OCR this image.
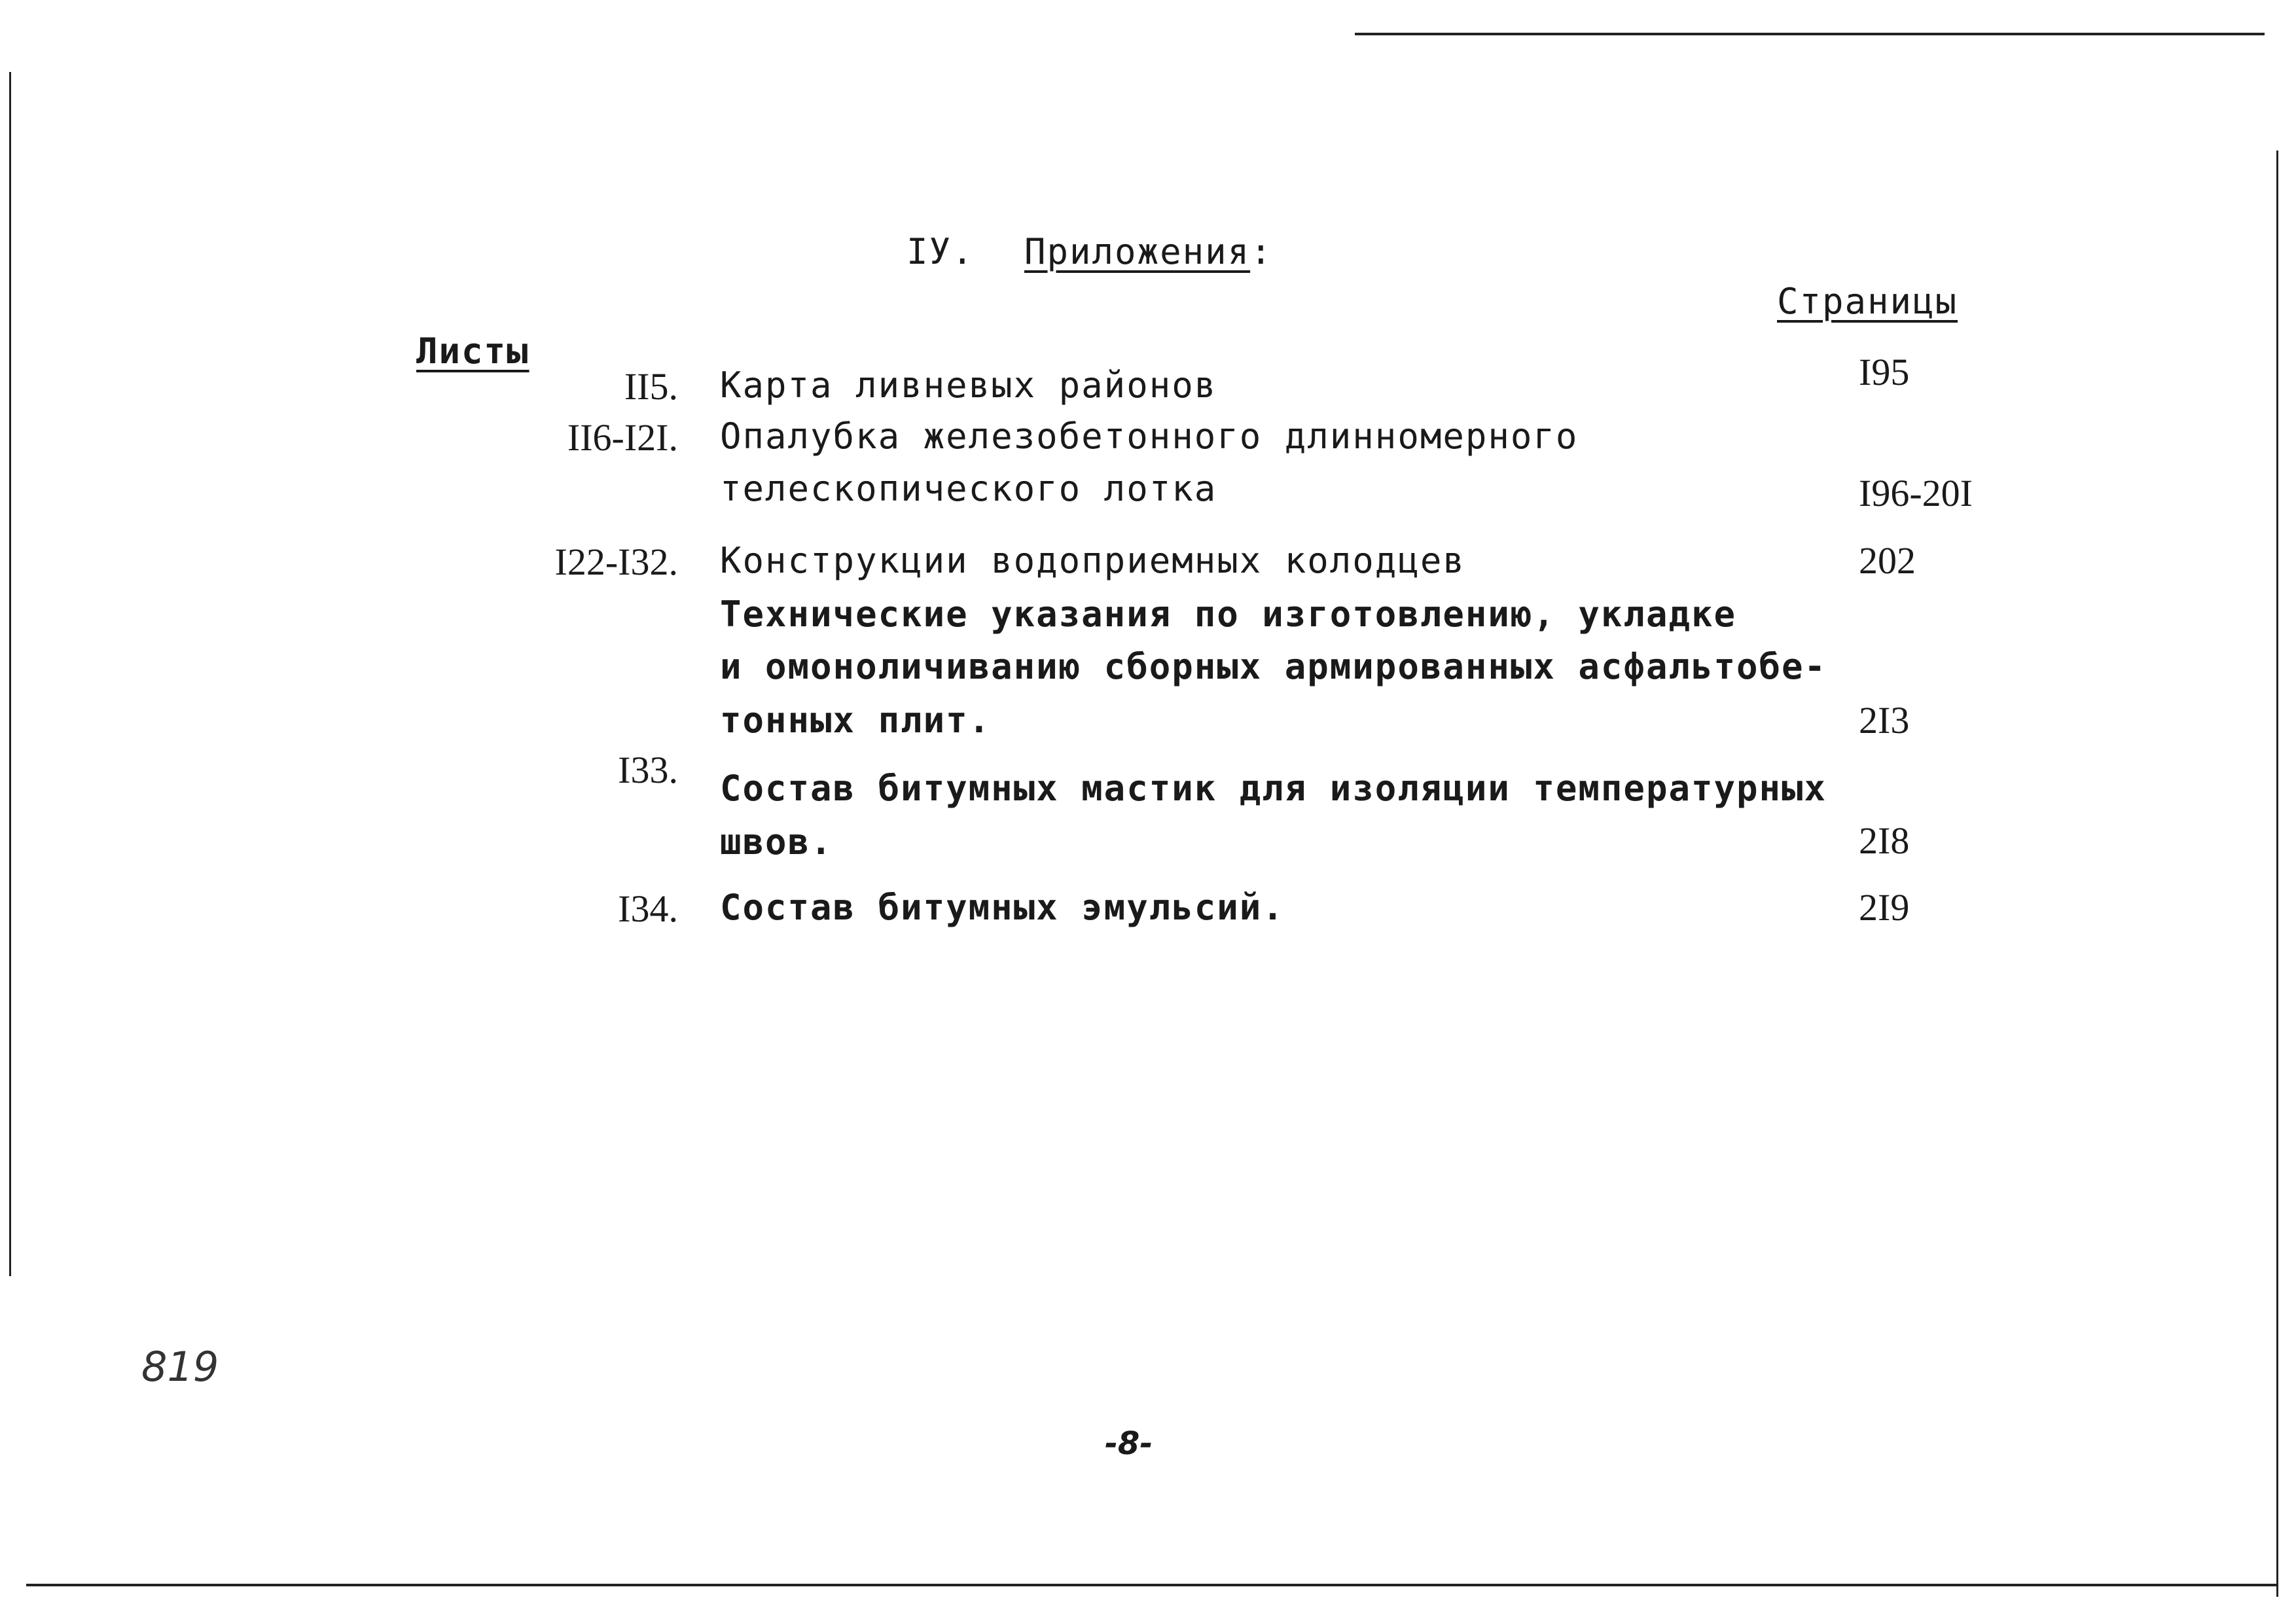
IУ. Приложения:
Страницы
Листы
II5. Карта ливневых районов	I95
II6-I2I. Опалубка железобетонного длинномерного
телескопического лотка	I96-20I
I22-I32. Конструкции водоприемных колодцев	202
Технические указания по изготовлению, укладке
и омоноличиванию сборных армированных асфальтобе-
тонных плит.	2I3
I33. Состав битумных мастик для изоляции температурных
швов.	2I8
I34. Состав битумных эмульсий.	2I9
819
-8-
